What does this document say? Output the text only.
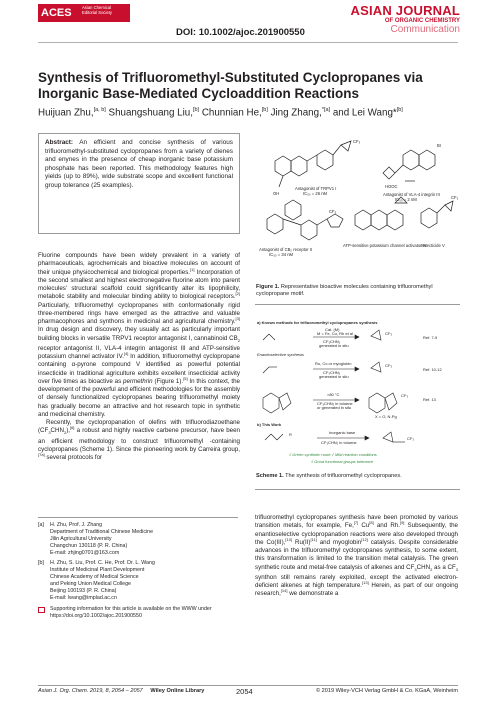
ACES	Asian Chemical Editorial Society
DOI: 10.1002/ajoc.201900550
ASIAN JOURNAL
OF ORGANIC CHEMISTRY
Communication
Synthesis of Trifluoromethyl-Substituted Cyclopropanes via Inorganic Base-Mediated Cycloaddition Reactions
Huijuan Zhu,[a, b] Shuangshuang Liu,[b] Chunnian He,[b] Jing Zhang,$^{*[a]}$ and Lei Wang*[b]
Abstract: An efficient and concise synthesis of various trifluoromethyl-substituted cyclopropanes from a variety of dienes and enynes in the presence of cheap inorganic base potassium phosphate has been reported. This methodology features high yields (up to 89%), wide substrate scope and excellent functional group tolerance (25 examples).
CF₃
OH
HOOC
Br
Antagonist of TRPV1 I
IC₅₀ = 26 nM	Antagonist of VLA-4 integrin III
IC₅₀ = 2 nM
Antagonist of CB₂ receptor II
IC₅₀ = 34 nM
ATP-sensitive potassium channel activator IV
Insecticide V
CF₃
CF₃
Figure 1. Representative bioactive molecules containing trifluoromethyl cyclopropane motif.
a) Known methods for trifluoromethyl cyclopropanes synthesis
Cat. (M)
M = Fe, Cu, Rh et al
CF₃CHN₂
generated in situ
CF₃
Ref. 7-9
Enantioselective synthesis
Ru, Co or myoglobin
CF₃CHN₂
generated in situ
CF₃
Ref. 10-12
>80 °C
CF₃CHN₂ in toluene
or generated in situ
CF₃
Ref. 13
X = O, N-Pg
b) This Work
Inorganic base
CF₃CHN₂ in toluene
R
CF₃
√ Green synthetic route √ Mild reaction conditions
√ Good functional groups tolerance
Scheme 1. The synthesis of trifluoromethyl cyclopropanes.

Fluorine compounds have been widely prevalent in a variety of pharmaceuticals, agrochemicals and bioactive molecules on account of their unique physicochemical and biological properties.[1] Incorporation of the second smallest and highest electronegative fluorine atom into parent molecules' structural scaffold could significantly alter its lipophilicity, metabolic stability and molecular binding ability to biological receptors.[2] Particularly, trifluoromethyl cyclopropanes with conformationally rigid three-membered rings have emerged as the attractive and valuable pharmacophores and synthons in medicinal and agricultural chemistry.[3] In drug design and discovery, they usually act as particularly important building blocks in versatile TRPV1 receptor antagonist I, cannabinoid $CB_2$ receptor antagonist II, VLA-4 integrin antagonist III and ATP-sensitive potassium channel activator IV.[4] In addition, trifluoromethyl cyclopropane containing α-pyrone compound V identified as powerful potential insecticide in traditional agriculture exhibits excellent insecticidal activity over five times as bioactive as permethrin (Figure 1).[5] In this context, the development of the powerful and efficient methodologies for the assembly of densely functionalized cyclopropanes bearing trifluoromethyl moiety has gradually become an attractive and hot research topic in synthetic and medicinal chemistry.

Recently, the cyclopropanation of olefins with trifluorodiazoethane $(CF_3CHN_2),[6]$ a robust and highly reactive carbene precursor, have been an efficient methodology to construct trifluoromethyl -containing cyclopropanes (Scheme 1). Since the pioneering work by Carreira group,[7a] several protocols for

trifluoromethyl cyclopropanes synthesis have been promoted by various transition metals, for example, Fe,[7] Cu[8] and Rh.[9] Subsequently, the enantioselective cyclopropanation reactions were also developed through the Co(III),[10] Ru(II)[11] and myoglobin[12] catalysis. Despite considerable advances in the trifluoromethyl cyclopropanes synthesis, to some extent, this transformation is limited to the transition metal catalysis. The green synthetic route and metal-free catalysis of alkenes and $CF_3CHN_2$ as a $CF_3$ synthon still remains rarely exploited, except the activated electron-deficient alkenes at high temperature.[13] Herein, as part of our ongoing research,[14] we demonstrate a

[a] H. Zhu, Prof. J. Zhang
Department of Traditional Chinese Medicine
Jilin Agricultural University
Changchun 130118 (P. R. China)
E-mail: zhjing0701@163.com
[b] H. Zhu, S. Liu, Prof. C. He, Prof. Dr. L. Wang
Institute of Medicinal Plant Development
Chinese Academy of Medical Science
and Peking Union Medical College
Beijing 100193 (P. R. China)
E-mail: lwang@implad.ac.cn
Supporting information for this article is available on the WWW under https://doi.org/10.1002/ajoc.201900550
Asian J. Org. Chem. 2019, 8, 2054 – 2057 Wiley Online Library	2054	© 2019 Wiley-VCH Verlag GmbH & Co. KGaA, Weinheim
